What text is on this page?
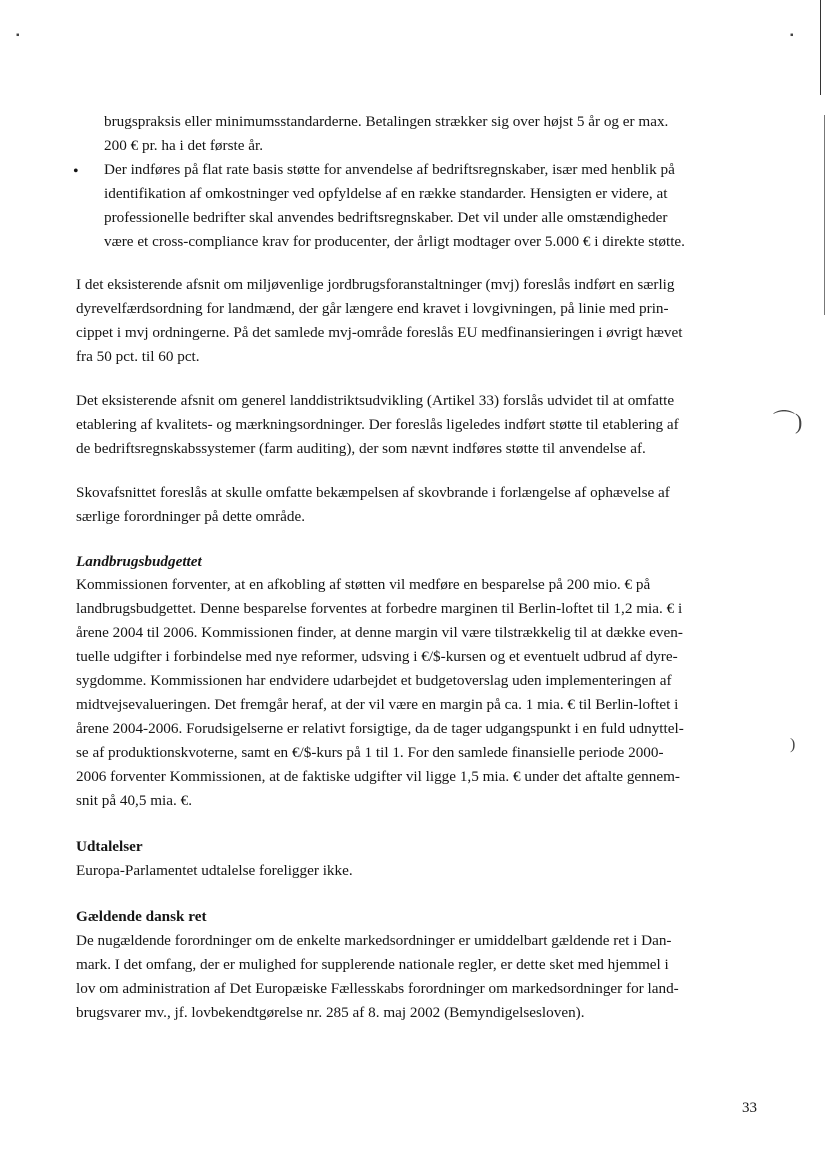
▪	▪
⌒)
)
brugspraksis eller minimumsstandarderne. Betalingen strækker sig over højst 5 år og er max.
200 € pr. ha i det første år.
• Der indføres på flat rate basis støtte for anvendelse af bedriftsregnskaber, især med henblik på
identifikation af omkostninger ved opfyldelse af en række standarder. Hensigten er videre, at
professionelle bedrifter skal anvendes bedriftsregnskaber. Det vil under alle omstændigheder
være et cross-compliance krav for producenter, der årligt modtager over 5.000 € i direkte støtte.
I det eksisterende afsnit om miljøvenlige jordbrugsforanstaltninger (mvj) foreslås indført en særlig
dyrevelfærdsordning for landmænd, der går længere end kravet i lovgivningen, på linie med prin-
cippet i mvj ordningerne. På det samlede mvj-område foreslås EU medfinansieringen i øvrigt hævet
fra 50 pct. til 60 pct.
Det eksisterende afsnit om generel landdistriktsudvikling (Artikel 33) forslås udvidet til at omfatte
etablering af kvalitets- og mærkningsordninger. Der foreslås ligeledes indført støtte til etablering af
de bedriftsregnskabssystemer (farm auditing), der som nævnt indføres støtte til anvendelse af.
Skovafsnittet foreslås at skulle omfatte bekæmpelsen af skovbrande i forlængelse af ophævelse af
særlige forordninger på dette område.
Landbrugsbudgettet
Kommissionen forventer, at en afkobling af støtten vil medføre en besparelse på 200 mio. € på
landbrugsbudgettet. Denne besparelse forventes at forbedre marginen til Berlin-loftet til 1,2 mia. € i
årene 2004 til 2006. Kommissionen finder, at denne margin vil være tilstrækkelig til at dække even-
tuelle udgifter i forbindelse med nye reformer, udsving i €/$-kursen og et eventuelt udbrud af dyre-
sygdomme. Kommissionen har endvidere udarbejdet et budgetoverslag uden implementeringen af
midtvejsevalueringen. Det fremgår heraf, at der vil være en margin på ca. 1 mia. € til Berlin-loftet i
årene 2004-2006. Forudsigelserne er relativt forsigtige, da de tager udgangspunkt i en fuld udnyttel-
se af produktionskvoterne, samt en €/$-kurs på 1 til 1. For den samlede finansielle periode 2000-
2006 forventer Kommissionen, at de faktiske udgifter vil ligge 1,5 mia. € under det aftalte gennem-
snit på 40,5 mia. €.
Udtalelser
Europa-Parlamentet udtalelse foreligger ikke.
Gældende dansk ret
De nugældende forordninger om de enkelte markedsordninger er umiddelbart gældende ret i Dan-
mark. I det omfang, der er mulighed for supplerende nationale regler, er dette sket med hjemmel i
lov om administration af Det Europæiske Fællesskabs forordninger om markedsordninger for land-
brugsvarer mv., jf. lovbekendtgørelse nr. 285 af 8. maj 2002 (Bemyndigelsesloven).
33
